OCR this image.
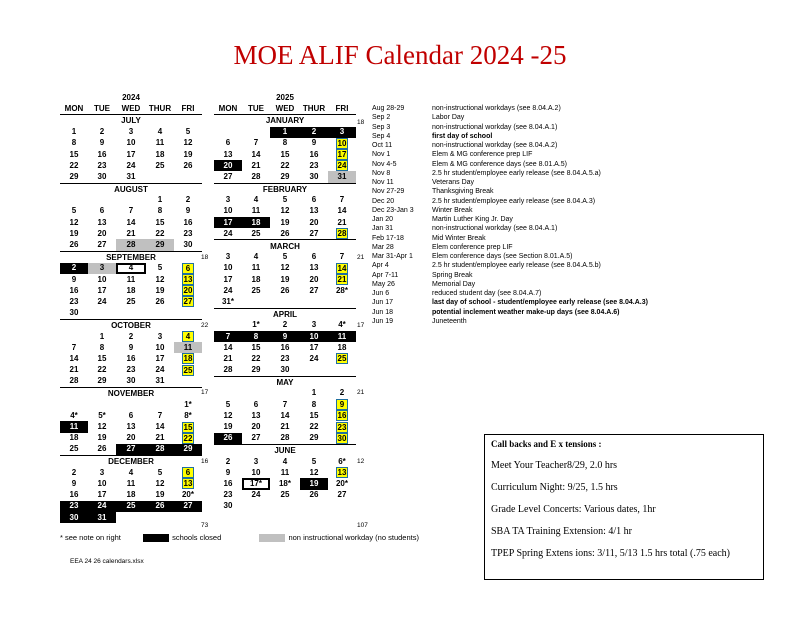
MOE ALIF Calendar 2024 -25
2024				
MON	TUE	WED	THUR	FRI
JULY				
1	2	3	4	5
8	9	10	11	12
15	16	17	18	19
22	23	24	25	26
29	30	31		
AUGUST				
			1	2
5	6	7	8	9
12	13	14	15	16
19	20	21	22	23
26	27	28	29	30
SEPTEMBER				
2	3	4	5	6
9	10	11	12	13
16	17	18	19	20
23	24	25	26	27
30				
OCTOBER				
	1	2	3	4
7	8	9	10	11
14	15	16	17	18
21	22	23	24	25
28	29	30	31	
NOVEMBER				
				1*
4*	5*	6	7	8*
11	12	13	14	15
18	19	20	21	22
25	26	27	28	29
DECEMBER				
2	3	4	5	6
9	10	11	12	13
16	17	18	19	20*
23	24	25	26	27
30	31			
2025				
MON	TUE	WED	THUR	FRI
JANUARY				
		1	2	3
6	7	8	9	10
13	14	15	16	17
20	21	22	23	24
27	28	29	30	31
FEBRUARY				
3	4	5	6	7
10	11	12	13	14
17	18	19	20	21
24	25	26	27	28
MARCH				
3	4	5	6	7
10	11	12	13	14
17	18	19	20	21
24	25	26	27	28*
31*				
APRIL				
	1*	2	3	4*
7	8	9	10	11
14	15	16	17	18
21	22	23	24	25
28	29	30		
MAY				
			1	2
5	6	7	8	9
12	13	14	15	16
19	20	21	22	23
26	27	28	29	30
JUNE				
2	3	4	5	6*
9	10	11	12	13
16	17*	18*	19	20*
23	24	25	26	27
30				
Aug 28-29	non-instructional workdays (see 8.04.A.2)
Sep 2	Labor Day
Sep 3	non-instructional workday (see 8.04.A.1)
Sep 4	first day of school
Oct 11	non-instructional workday (see 8.04.A.2)
Nov 1	Elem & MG conference prep LIF
Nov 4-5	Elem & MG conference days (see 8.01.A.5)
Nov 8	2.5 hr student/employee early release (see 8.04.A.5.a)
Nov 11	Veterans Day
Nov 27-29	Thanksgiving Break
Dec 20	2.5 hr student/employee early release (see 8.04.A.3)
Dec 23-Jan 3	Winter Break
Jan 20	Martin Luther King Jr. Day
Jan 31	non-instructional workday (see 8.04.A.1)
Feb 17-18	Mid Winter Break
Mar 28	Elem conference prep LIF
Mar 31-Apr 1	Elem conference days (see Section 8.01.A.5)
Apr 4	2.5 hr student/employee early release (see 8.04.A.5.b)
Apr 7-11	Spring Break
May 26	Memorial Day
Jun 6	reduced student day (see 8.04.A.7)
Jun 17	last day of school - student/employee early release (see 8.04.A.3)
Jun 18	potential inclement weather make-up days (see 8.04.A.6)
Jun 19	Juneteenth
* see note on right	schools closed	non instructional workday (no students)
EEA 24 26 calendars.xlsx
Call backs and E x tensions :
Meet Your Teacher8/29, 2.0 hrs
Curriculum Night: 9/25, 1.5 hrs
Grade Level Concerts: Various dates, 1hr
SBA TA Training Extension: 4/1 hr
TPEP Spring Extens ions: 3/11, 5/13 1.5 hrs total (.75 each)
18
22
17
16
73
18
21
17
21
12
107
